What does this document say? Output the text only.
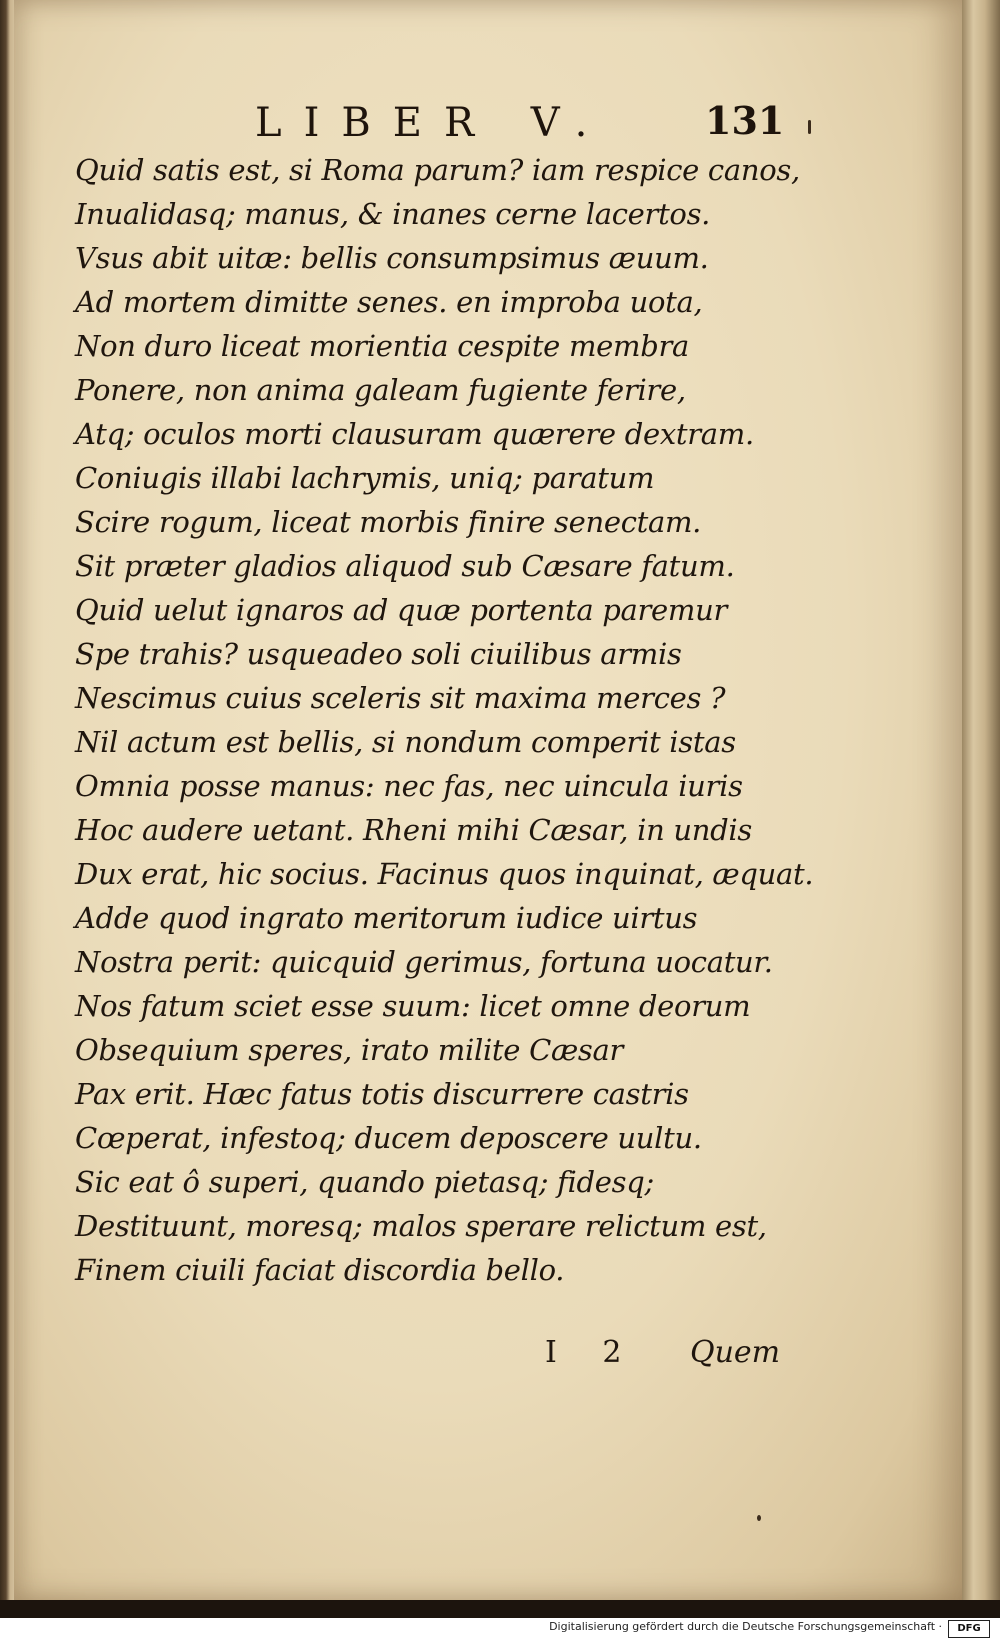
LIBER V.	131

Quid satis est, si Roma parum? iam respice canos,
Inualidasq; manus, & inanes cerne lacertos.
Vsus abit uitæ: bellis consumpsimus æuum.
Ad mortem dimitte senes. en improba uota,
Non duro liceat morientia cespite membra
Ponere, non anima galeam fugiente ferire,
Atq; oculos morti clausuram quærere dextram.
Coniugis illabi lachrymis, uniq; paratum
Scire rogum, liceat morbis finire senectam.
Sit præter gladios aliquod sub Cæsare fatum.
Quid uelut ignaros ad quæ portenta paremur
Spe trahis? usqueadeo soli ciuilibus armis
Nescimus cuius sceleris sit maxima merces ?
Nil actum est bellis, si nondum comperit istas
Omnia posse manus: nec fas, nec uincula iuris
Hoc audere uetant. Rheni mihi Cæsar, in undis
Dux erat, hic socius. Facinus quos inquinat, æquat.
Adde quod ingrato meritorum iudice uirtus
Nostra perit: quicquid gerimus, fortuna uocatur.
Nos fatum sciet esse suum: licet omne deorum
Obsequium speres, irato milite Cæsar
Pax erit. Hæc fatus totis discurrere castris
Cœperat, infestoq; ducem deposcere uultu.
Sic eat ô superi, quando pietasq; fidesq;
Destituunt, moresq; malos sperare relictum est,
Finem ciuili faciat discordia bello.

I 2 Quem

Digitalisierung gefördert durch die Deutsche Forschungsgemeinschaft ·	DFG
